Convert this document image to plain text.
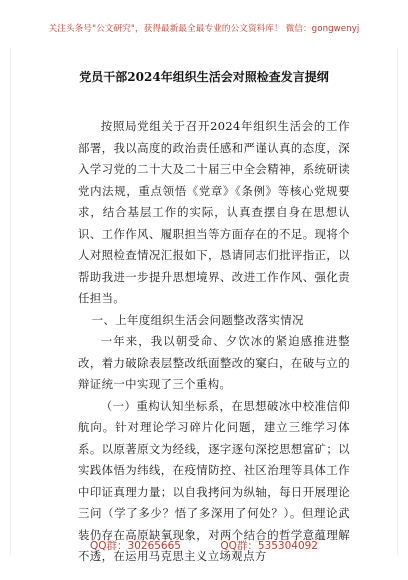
关注头条号"公文研究"，获得最新最全最专业的公文资料库！ 微信：gongwenyj
党员干部2024年组织生活会对照检查发言提纲

按照局党组关于召开2024年组织生活会的工作部署，我以高度的政治责任感和严谨认真的态度，深入学习党的二十大及二十届三中全会精神，系统研读党内法规，重点领悟《党章》《条例》等核心党规要求，结合基层工作的实际，认真查摆自身在思想认识、工作作风、履职担当等方面存在的不足。现将个人对照检查情况汇报如下，恳请同志们批评指正，以帮助我进一步提升思想境界、改进工作作风、强化责任担当。

一、上年度组织生活会问题整改落实情况

一年来，我以朝受命、夕饮冰的紧迫感推进整改，着力破除表层整改纸面整改的窠臼，在破与立的辩证统一中实现了三个重构。

（一）重构认知坐标系，在思想破冰中校准信仰航向。针对理论学习碎片化问题，建立三维学习体系。以原著原文为经线，逐字逐句深挖思想富矿；以实践体悟为纬线，在疫情防控、社区治理等具体工作中印证真理力量；以自我拷问为纵轴，每日开展理论三问（学了多少？悟了多深用了何处？）。但理论武装仍存在高原缺氧现象，对两个结合的哲学意蕴理解不透，在运用马克思主义立场观点方

QQ群：30265665	QQ群：535304092
